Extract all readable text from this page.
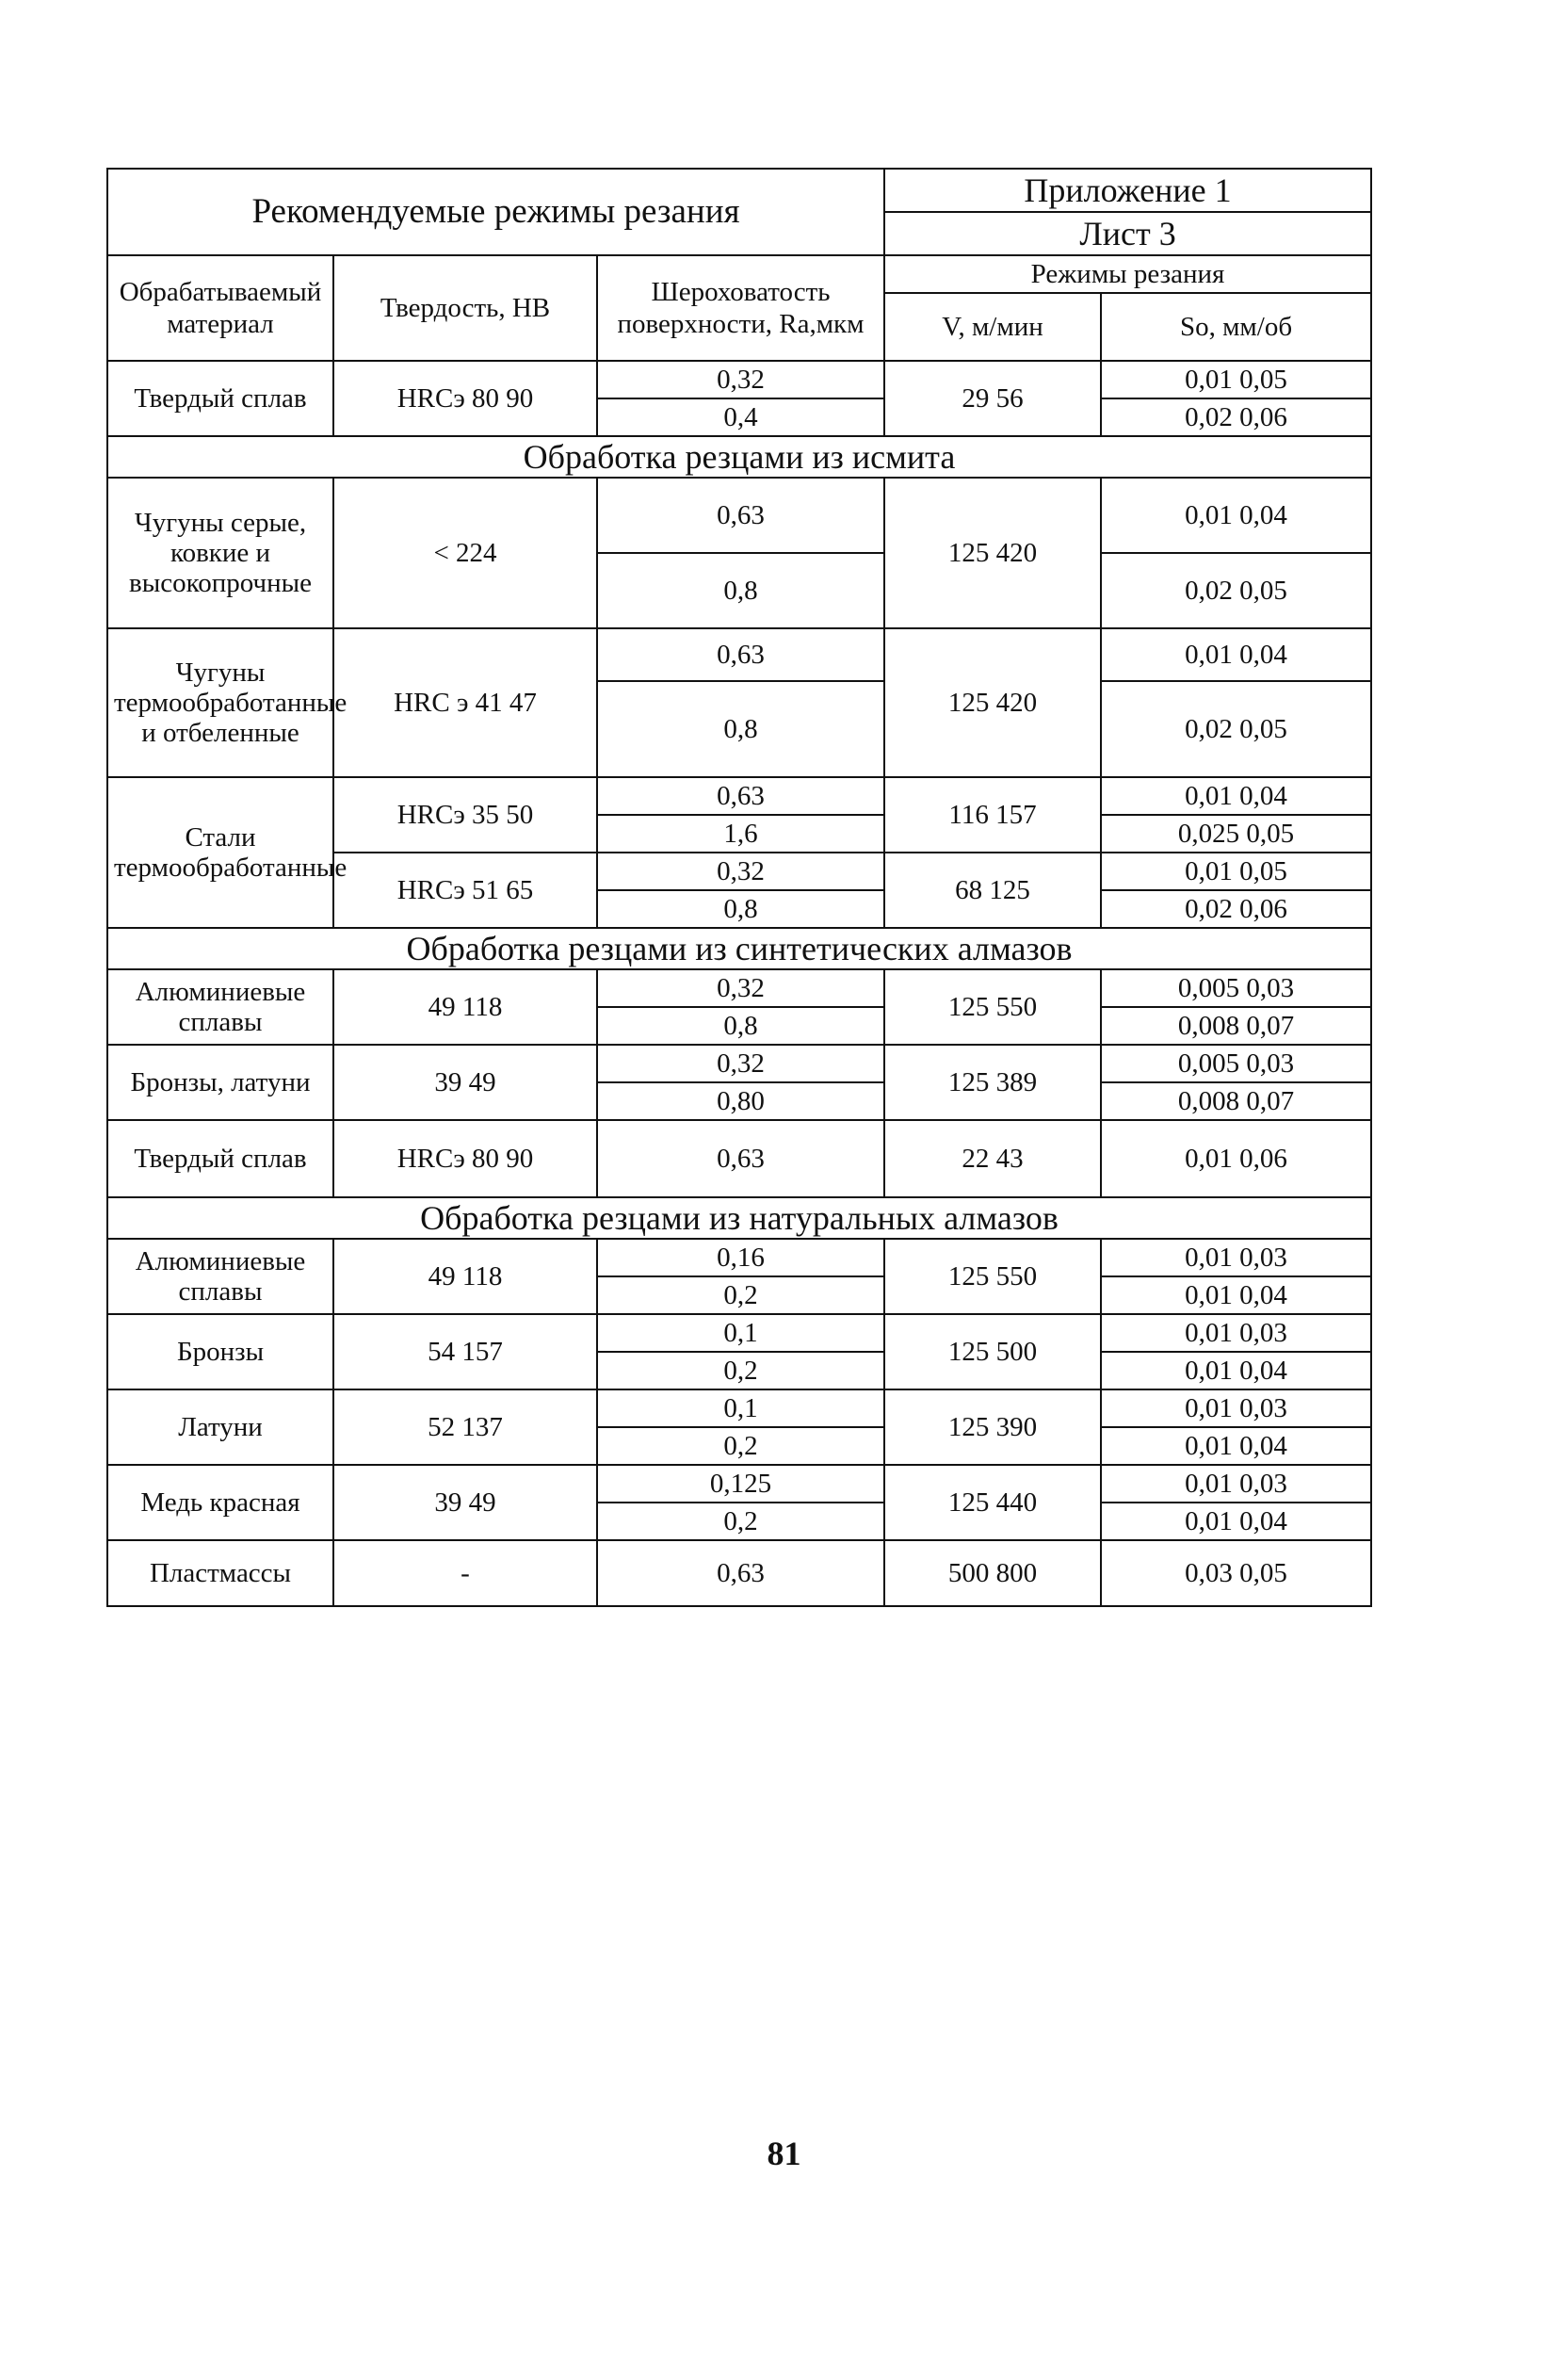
Рекомендуемые режимы резания			Приложение 1	
			Лист 3	
Обрабатываемый материал	Твердость, НВ	Шероховатость поверхности, Ra,мкм	Режимы резания	
			V, м/мин	So, мм/об
Твердый сплав	HRCэ 80 90	0,32	29 56	0,01 0,05
		0,4		0,02 0,06
Обработка резцами из исмита				
Чугуны серые, ковкие и высокопрочные	< 224	0,63	125 420	0,01 0,04
		0,8		0,02 0,05
Чугуны термообработанные и отбеленные	HRC э 41 47	0,63	125 420	0,01 0,04
		0,8		0,02 0,05
Стали термообработанные	HRCэ 35 50	0,63	116 157	0,01 0,04
		1,6		0,025 0,05
	HRCэ 51 65	0,32	68 125	0,01 0,05
		0,8		0,02 0,06
Обработка резцами из синтетических алмазов				
Алюминиевые сплавы	49 118	0,32	125 550	0,005 0,03
		0,8		0,008 0,07
Бронзы, латуни	39 49	0,32	125 389	0,005 0,03
		0,80		0,008 0,07
Твердый сплав	HRCэ 80 90	0,63	22 43	0,01 0,06
Обработка резцами из натуральных алмазов				
Алюминиевые сплавы	49 118	0,16	125 550	0,01 0,03
		0,2		0,01 0,04
Бронзы	54 157	0,1	125 500	0,01 0,03
		0,2		0,01 0,04
Латуни	52 137	0,1	125 390	0,01 0,03
		0,2		0,01 0,04
Медь красная	39 49	0,125	125 440	0,01 0,03
		0,2		0,01 0,04
Пластмассы	-	0,63	500 800	0,03 0,05
81
